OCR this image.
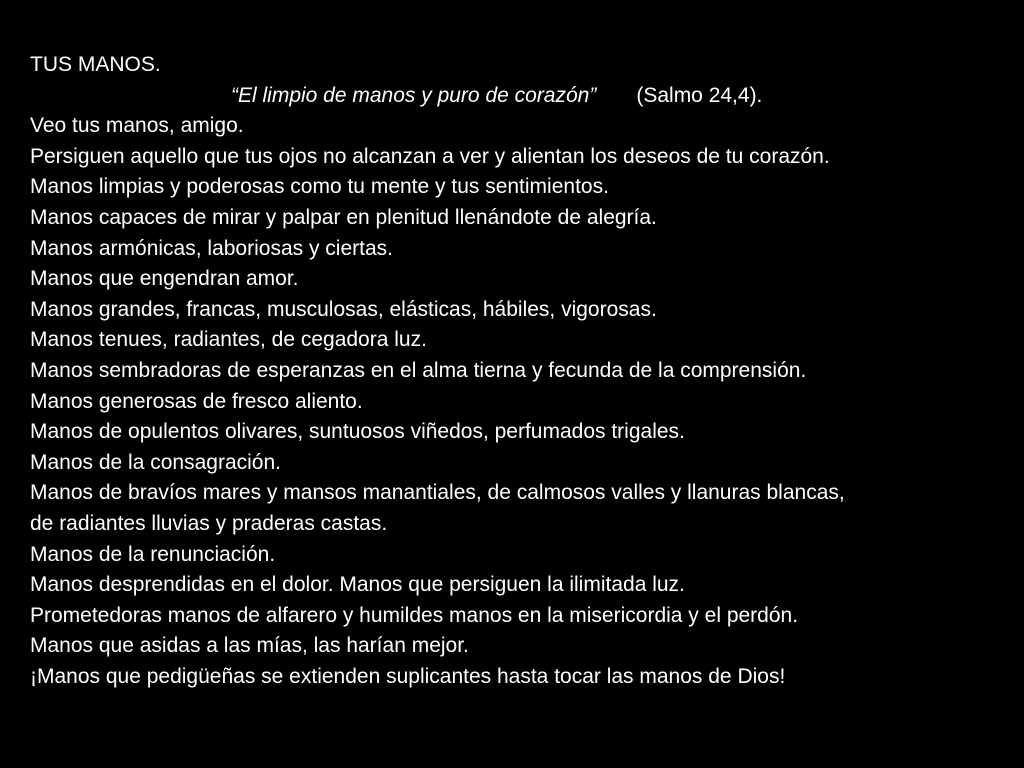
TUS MANOS.
“El limpio de manos y puro de corazón” (Salmo 24,4).
Veo tus manos, amigo.
Persiguen aquello que tus ojos no alcanzan a ver y alientan los deseos de tu corazón.
Manos limpias y poderosas como tu mente y tus sentimientos.
Manos capaces de mirar y palpar en plenitud llenándote de alegría.
Manos armónicas, laboriosas y ciertas.
Manos que engendran amor.
Manos grandes, francas, musculosas, elásticas, hábiles, vigorosas.
Manos tenues, radiantes, de cegadora luz.
Manos sembradoras de esperanzas en el alma tierna y fecunda de la comprensión.
Manos generosas de fresco aliento.
Manos de opulentos olivares, suntuosos viñedos, perfumados trigales.
Manos de la consagración.
Manos de bravíos mares y mansos manantiales, de calmosos valles y llanuras blancas,
de radiantes lluvias y praderas castas.
Manos de la renunciación.
Manos desprendidas en el dolor. Manos que persiguen la ilimitada luz.
Prometedoras manos de alfarero y humildes manos en la misericordia y el perdón.
Manos que asidas a las mías, las harían mejor.
¡Manos que pedigüeñas se extienden suplicantes hasta tocar las manos de Dios!
